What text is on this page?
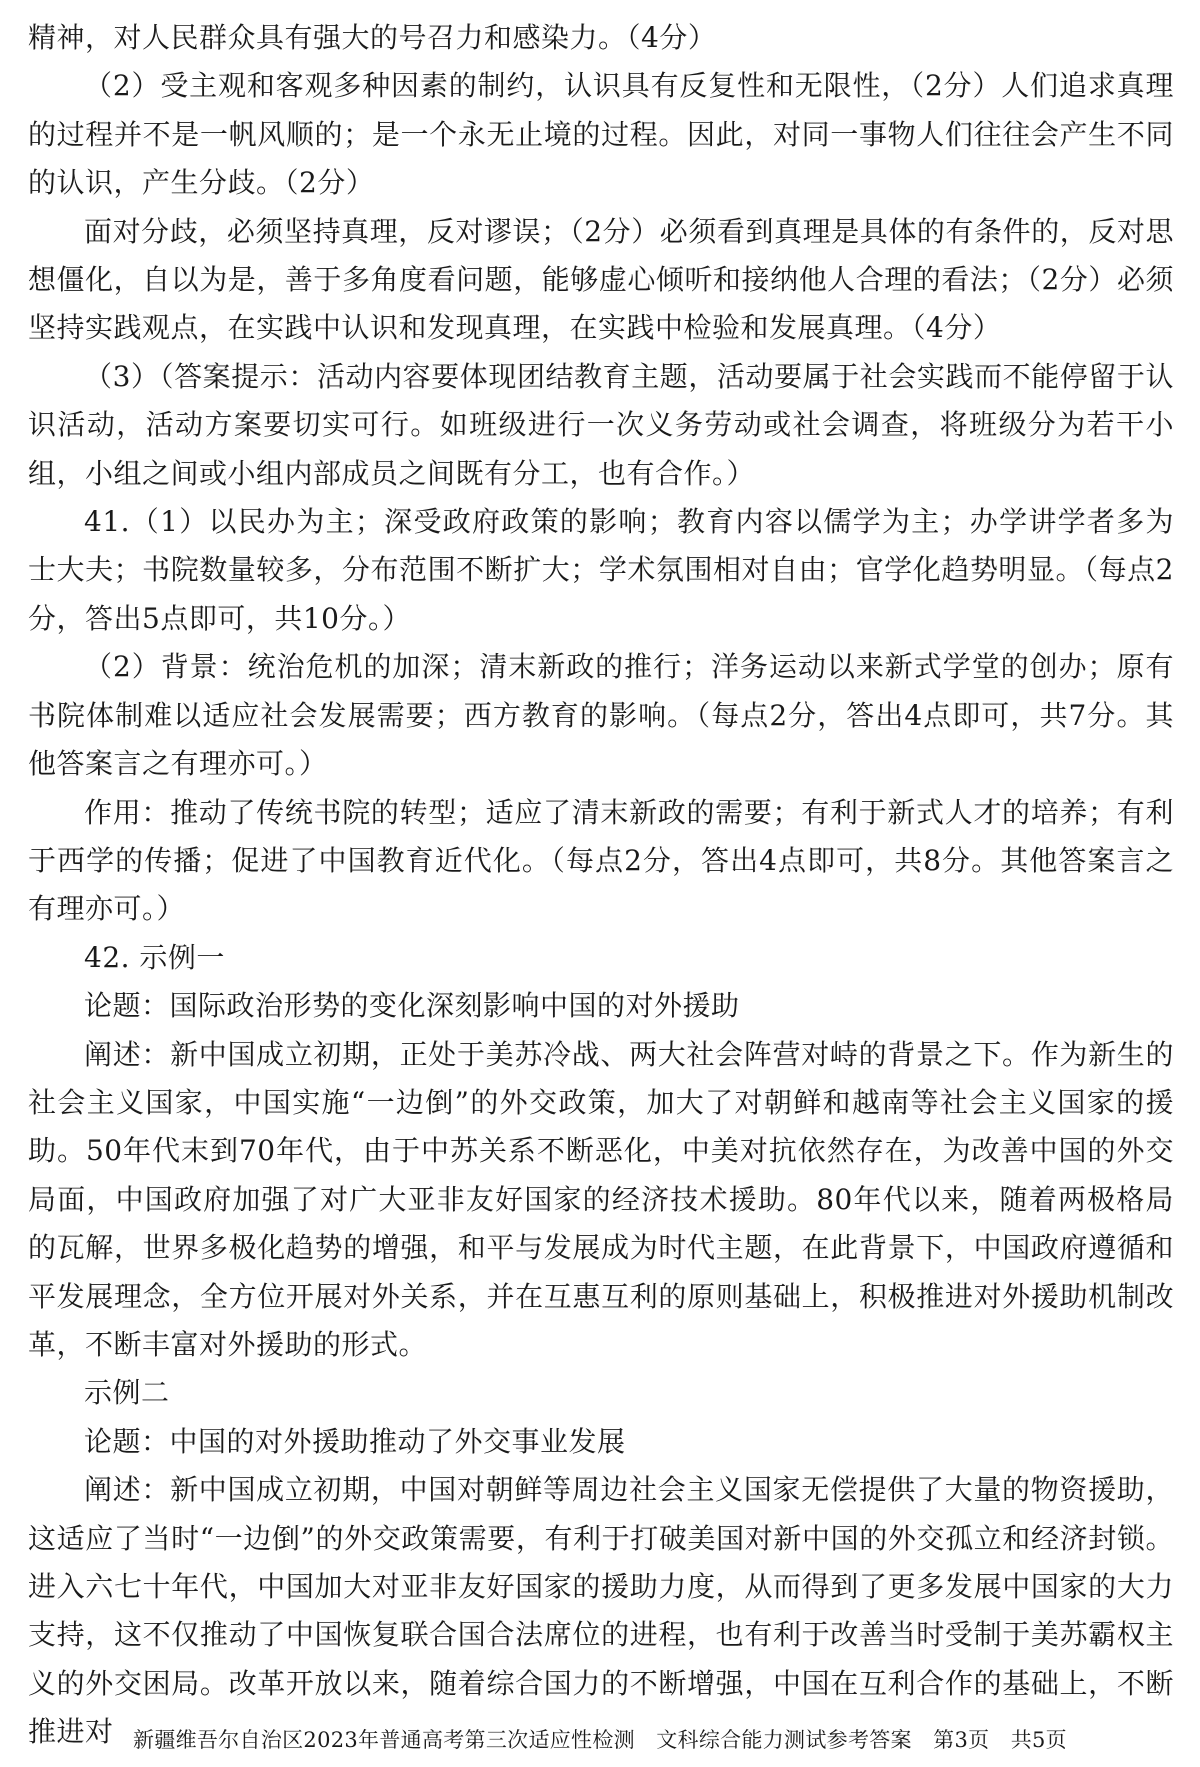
精神，对人民群众具有强大的号召力和感染力。（4分）

（2）受主观和客观多种因素的制约，认识具有反复性和无限性，（2分）人们追求真理的过程并不是一帆风顺的；是一个永无止境的过程。因此，对同一事物人们往往会产生不同的认识，产生分歧。（2分）

面对分歧，必须坚持真理，反对谬误；（2分）必须看到真理是具体的有条件的，反对思想僵化，自以为是，善于多角度看问题，能够虚心倾听和接纳他人合理的看法；（2分）必须坚持实践观点，在实践中认识和发现真理，在实践中检验和发展真理。（4分）

（3）（答案提示：活动内容要体现团结教育主题，活动要属于社会实践而不能停留于认识活动，活动方案要切实可行。如班级进行一次义务劳动或社会调查，将班级分为若干小组，小组之间或小组内部成员之间既有分工，也有合作。）

41.（1）以民办为主；深受政府政策的影响；教育内容以儒学为主；办学讲学者多为士大夫；书院数量较多，分布范围不断扩大；学术氛围相对自由；官学化趋势明显。（每点2分，答出5点即可，共10分。）

（2）背景：统治危机的加深；清末新政的推行；洋务运动以来新式学堂的创办；原有书院体制难以适应社会发展需要；西方教育的影响。（每点2分，答出4点即可，共7分。其他答案言之有理亦可。）

作用：推动了传统书院的转型；适应了清末新政的需要；有利于新式人才的培养；有利于西学的传播；促进了中国教育近代化。（每点2分，答出4点即可，共8分。其他答案言之有理亦可。）

42. 示例一

论题：国际政治形势的变化深刻影响中国的对外援助

阐述：新中国成立初期，正处于美苏冷战、两大社会阵营对峙的背景之下。作为新生的社会主义国家，中国实施“一边倒”的外交政策，加大了对朝鲜和越南等社会主义国家的援助。50年代末到70年代，由于中苏关系不断恶化，中美对抗依然存在，为改善中国的外交局面，中国政府加强了对广大亚非友好国家的经济技术援助。80年代以来，随着两极格局的瓦解，世界多极化趋势的增强，和平与发展成为时代主题，在此背景下，中国政府遵循和平发展理念，全方位开展对外关系，并在互惠互利的原则基础上，积极推进对外援助机制改革，不断丰富对外援助的形式。

示例二

论题：中国的对外援助推动了外交事业发展

阐述：新中国成立初期，中国对朝鲜等周边社会主义国家无偿提供了大量的物资援助，这适应了当时“一边倒”的外交政策需要，有利于打破美国对新中国的外交孤立和经济封锁。进入六七十年代，中国加大对亚非友好国家的援助力度，从而得到了更多发展中国家的大力支持，这不仅推动了中国恢复联合国合法席位的进程，也有利于改善当时受制于美苏霸权主义的外交困局。改革开放以来，随着综合国力的不断增强，中国在互利合作的基础上，不断推进对 新疆维吾尔自治区2023年普通高考第三次适应性检测　文科综合能力测试参考答案　第3页　共5页
